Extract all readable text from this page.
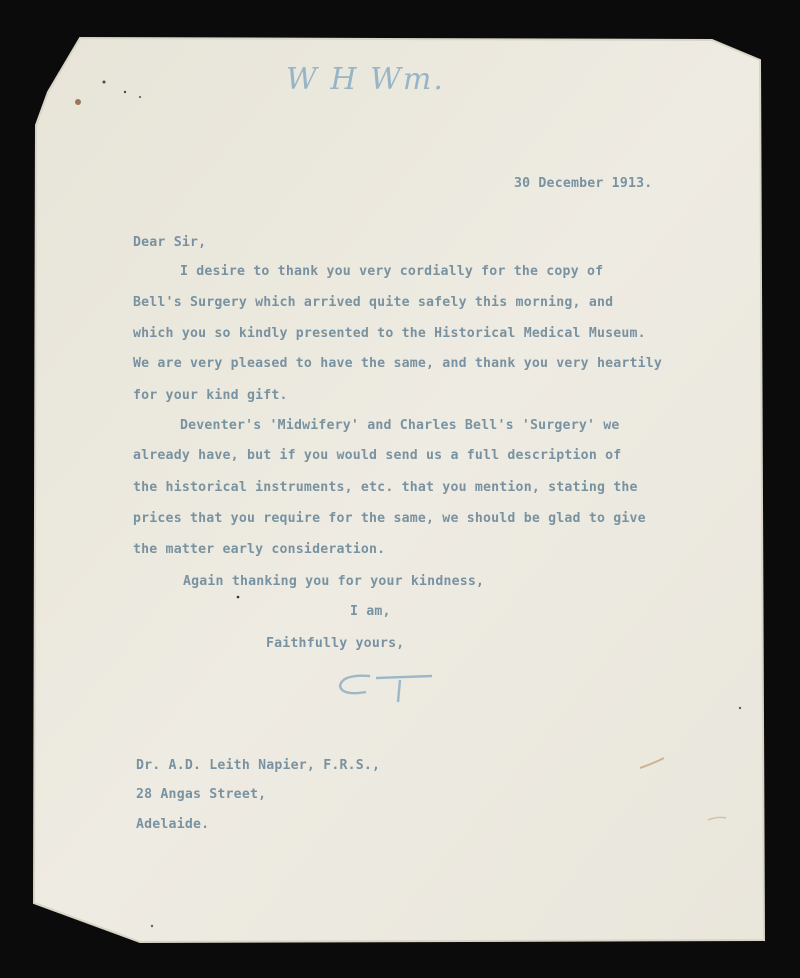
W H Wm.
30 December 1913.
Dear Sir,
I desire to thank you very cordially for the copy of
Bell's Surgery which arrived quite safely this morning, and
which you so kindly presented to the Historical Medical Museum.
We are very pleased to have the same, and thank you very heartily
for your kind gift.
Deventer's 'Midwifery' and Charles Bell's 'Surgery' we
already have, but if you would send us a full description of
the historical instruments, etc. that you mention, stating the
prices that you require for the same, we should be glad to give
the matter early consideration.
Again thanking you for your kindness,
I am,
Faithfully yours,
Dr. A.D. Leith Napier, F.R.S.,
28 Angas Street,
Adelaide.
